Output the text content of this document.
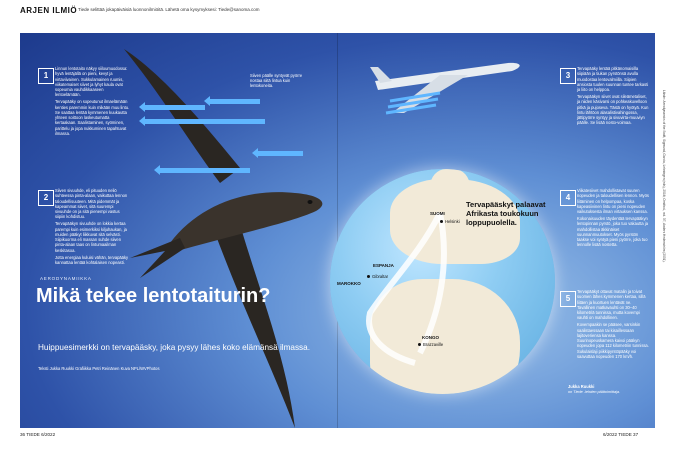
ARJEN ILMIÖ Tiede selittää jokapäiväisiä luonnonilmiöitä. Lähetä oma kysymyksesi: Tiede@sanoma.com
SUOMI
Helsinki
ESPANJA
Gibraltar
MAROKKO
KONGO
Brazzaville
Tervapääskyt palaavat Afrikasta toukokuun loppupuolella.
Siiven päälle syntyvät pyörre nostaa siitä lintua kuin lentokoneita.
1

Linnun lentotaito näkyy siiloumuodossa: hyvä lentäjällä on pieni, kevyt ja virtaviivainen. Sukkulamainen ruumis, viikatemaiset siivet ja lyhyt kaula ovat sopeumia vauhdikkaaseen lentoelämään.

Tervapääky on sopeutunut ilmaelämään kenties paremmin kuin mikään muu lintu. Se saattaa lentää kymmenen kuukautta yhteen soittoon laskeutumatta kertaakaan. Saalistaminen, syöminen, parittelu ja jopa nukkuminen tapahtuvat ilmassa.

2

Siiven sivuuhde, eli pituuden neliö suhteessa pinta-alaan, vaikuttaa lennon taloudellisuuteen. Mitä pidemmät ja kapeammat siivet, sitä suurempi sivuuhde on ja sitä pienempi vastus siipiin kohdistuu.

Tervapääkyn sivuuhde on lokkia kertaa parempi kuin esimerkiksi kiljuhaukan, ja muiden pääkyt liikkuvat sitä selvästi. Siipikuorma eli massan suhde siiven pinta-alaan taas on lintumaailman keskitasoa.

Jotta energiaa kuluisi vähän, tervapääky kannattaa lentää kohtalaisen nopeasti.

3

Tervapääky lentää pitkänomaisilla siipiään ja tiukan pyrstönsä avulla muodostaa lentovalmiilla. Siipien ansiosta tuulen suunnan tuntee tarkasti ja liito on helppoa.

Tervapääkyn siivet ovat sileämetaliset, ja niiden käsivarsi on pohkeakuvelloon pitkä ja pujoseva. Tästä on hyötyä. Kun lintu lähtöon alasalistivahingossa, jättipyörre syntyy ja sivuvirta-muuviyn päälle. Se lisää nosto-voimaa.

4

Viikatesiivet mahdollistavat suuren nopeuden ja taloudellisen lennon. Myös liitäminen on helpompaa, koska kapeasiivinen lintu on pieni nopeuden vaikutuksesta ilman virtauksen kanssa.

Kokonaisuuden täydentää tervapääkyn lentopinnan pyrstö, joka tuo vakautta ja mahdollistaa äkkinäiset suunnanmuutokset. Myös pyrstön taakse voi syntyä pieni pyörre, joka tuo lennolle lisää nostetta.

5

Tervapääkyt ottavat matalin ja toivat suomen lähes kymmenen kertaa, sillä liitäen ja kuortuen lentävät ne. Tavallinen matkavauhti on 30–40 kilometriä tunnissa, mutta kovempi vauhti on mahdollinen.

Kovempaakin se pääsee, varsinkin saalistaessaan tai kisaillessaan lajitoveriensa kanssa. Suurinopeuskamera kaivoi pääkyn nopeuden jopa 112 kilometriin tunnissa. Sukulaislaji piikkipyrstöpääky voi saavuttaa nopeuden 170 km/h.

AERODYNAMIIKKA
Mikä tekee lentotaiturin?
Huippuesimerkki on tervapääsky, joka pysyy lähes koko elämänsä ilmassa.
Teksti Jukka Ruukki Grafiikka Petri Reinänen Kuva NPL/WVPhotos
Jukka Ruukki
on Tiede -lehden päätoimittaja.
Lähde: Aerodynamics of the Swift, Sigmund, Garcia, Lehningen (eds), 2016; Ornithol., vol. 37, Anders Hedenström (2001).
36 TIEDE 6/2022	6/2022 TIEDE 37
